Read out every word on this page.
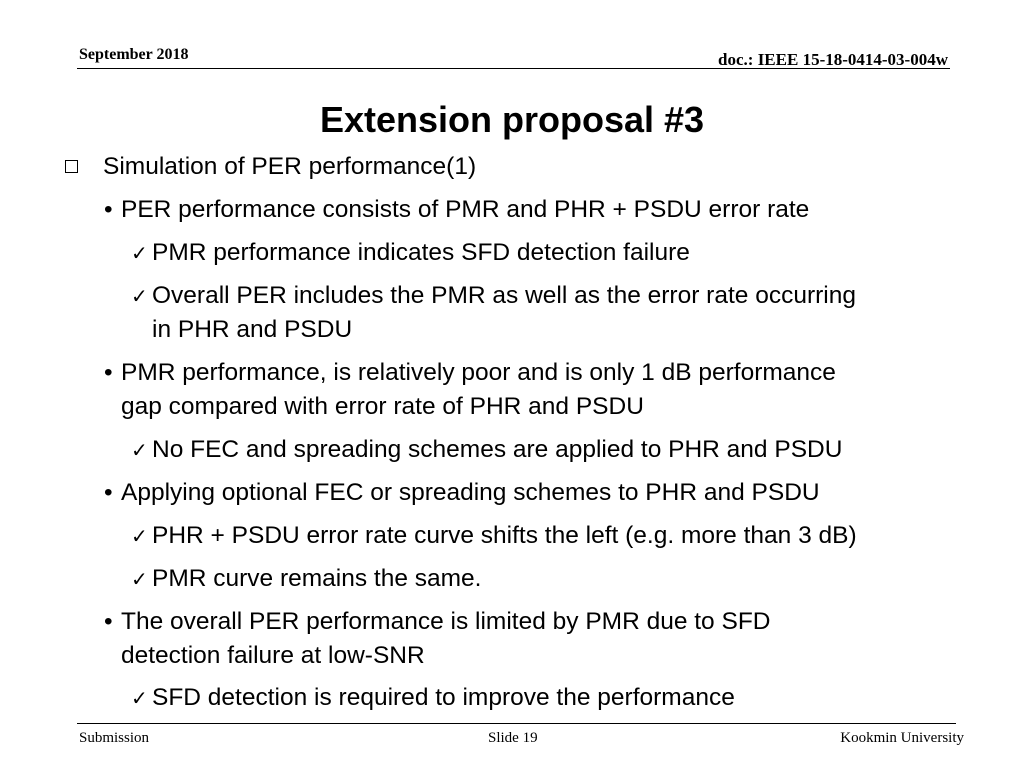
September 2018	doc.: IEEE 15-18-0414-03-004w
Extension proposal #3
Simulation of PER performance(1)
• PER performance consists of PMR and PHR + PSDU error rate
✓ PMR performance indicates SFD detection failure
✓ Overall PER includes the PMR as well as the error rate occurring
in PHR and PSDU
• PMR performance, is relatively poor and is only 1 dB performance
gap compared with error rate of PHR and PSDU
✓ No FEC and spreading schemes are applied to PHR and PSDU
• Applying optional FEC or spreading schemes to PHR and PSDU
✓ PHR + PSDU error rate curve shifts the left (e.g. more than 3 dB)
✓ PMR curve remains the same.
• The overall PER performance is limited by PMR due to SFD
detection failure at low-SNR
✓ SFD detection is required to improve the performance
Submission	Slide 19	Kookmin University
